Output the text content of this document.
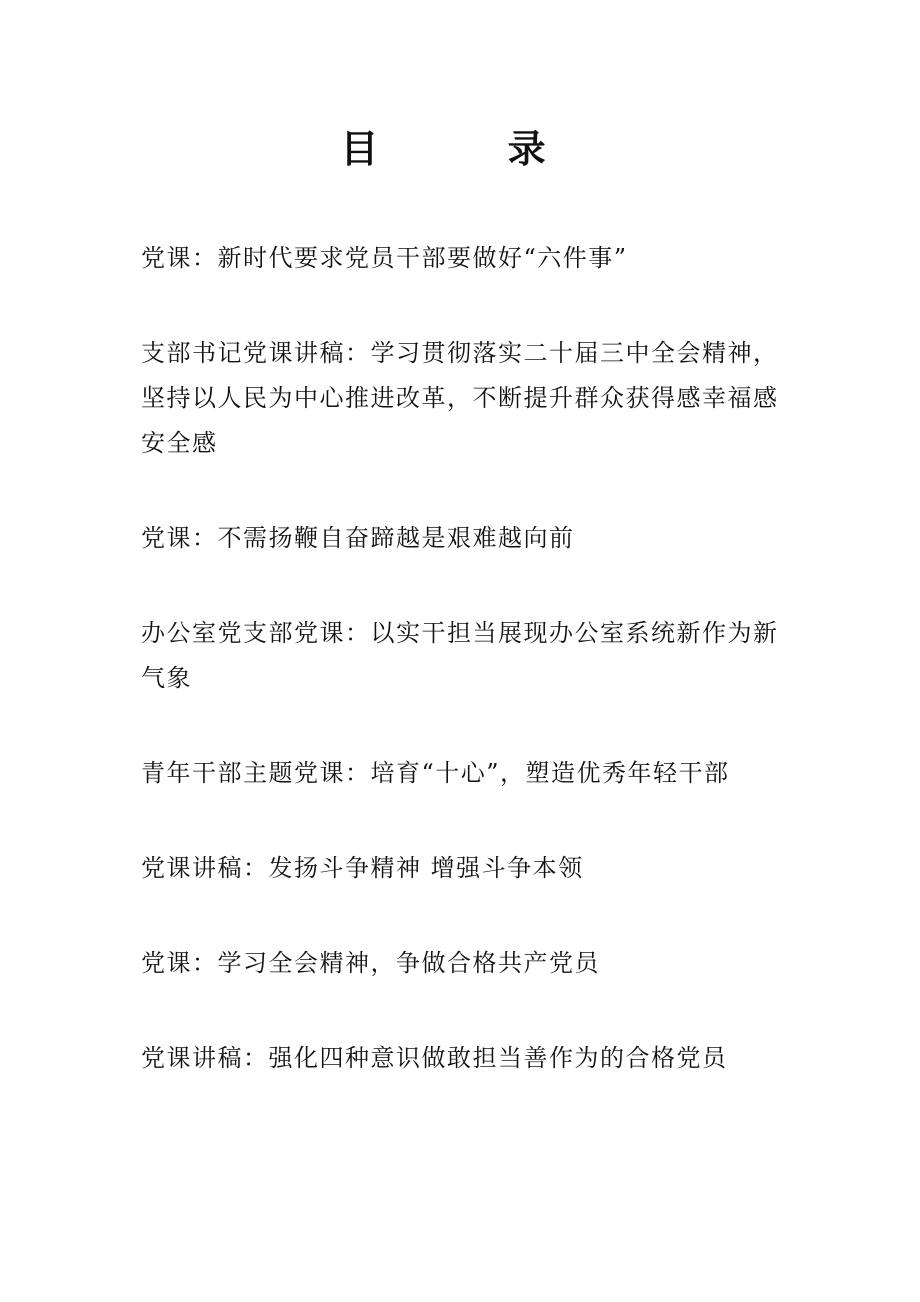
目 录
党课：新时代要求党员干部要做好“六件事”
支部书记党课讲稿：学习贯彻落实二十届三中全会精神，坚持以人民为中心推进改革，不断提升群众获得感幸福感安全感
党课：不需扬鞭自奋蹄越是艰难越向前
办公室党支部党课：以实干担当展现办公室系统新作为新气象
青年干部主题党课：培育“十心”，塑造优秀年轻干部
党课讲稿：发扬斗争精神 增强斗争本领
党课：学习全会精神，争做合格共产党员
党课讲稿：强化四种意识做敢担当善作为的合格党员
